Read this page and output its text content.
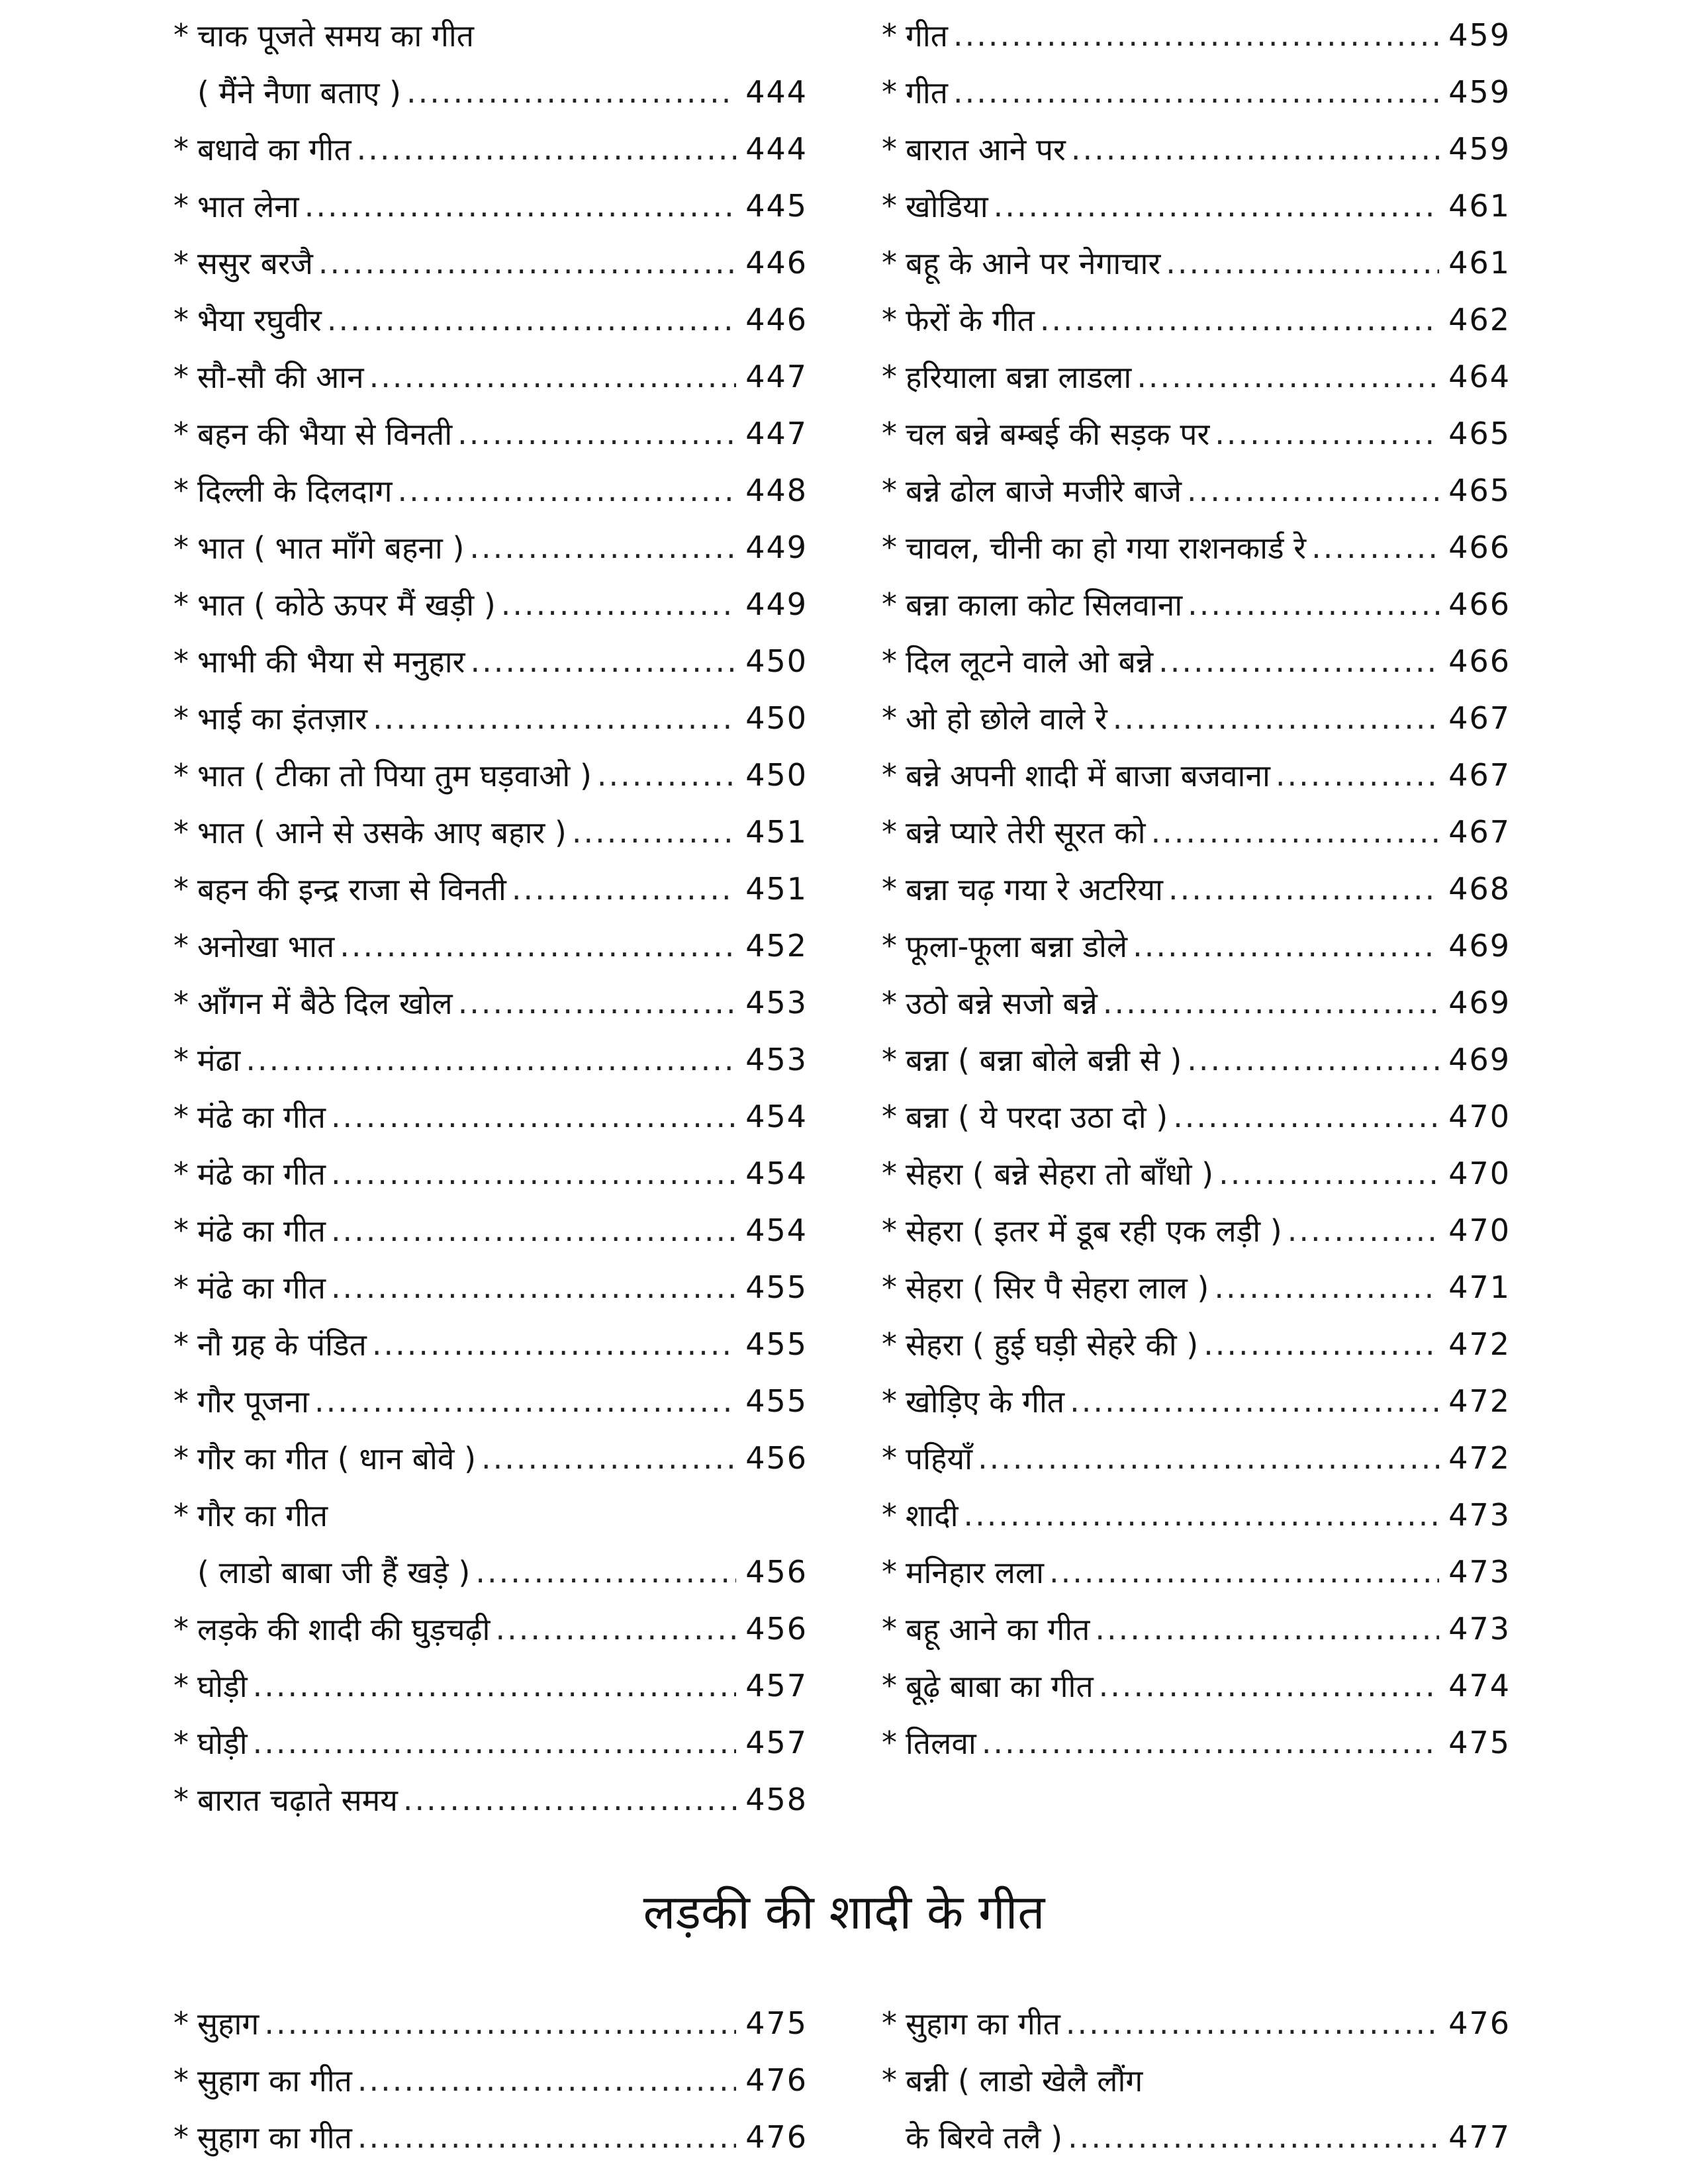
* चाक पूजते समय का गीत
( मैंने नैणा बताए ) .....	444
* बधावे का गीत .....	444
* भात लेना .....	445
* ससुर बरजै .....	446
* भैया रघुवीर .....	446
* सौ-सौ की आन .....	447
* बहन की भैया से विनती .....	447
* दिल्ली के दिलदाग .....	448
* भात ( भात माँगे बहना ) .....	449
* भात ( कोठे ऊपर मैं खड़ी ) .....	449
* भाभी की भैया से मनुहार .....	450
* भाई का इंतज़ार .....	450
* भात ( टीका तो पिया तुम घड़वाओ ) .....	450
* भात ( आने से उसके आए बहार ) .....	451
* बहन की इन्द्र राजा से विनती .....	451
* अनोखा भात .....	452
* आँगन में बैठे दिल खोल .....	453
* मंढा .....	453
* मंढे का गीत .....	454
* मंढे का गीत .....	454
* मंढे का गीत .....	454
* मंढे का गीत .....	455
* नौ ग्रह के पंडित .....	455
* गौर पूजना .....	455
* गौर का गीत ( धान बोवे ) .....	456
* गौर का गीत
( लाडो बाबा जी हैं खड़े ) .....	456
* लड़के की शादी की घुड़चढ़ी .....	456
* घोड़ी .....	457
* घोड़ी .....	457
* बारात चढ़ाते समय .....	458
* गीत .....	459
* गीत .....	459
* बारात आने पर .....	459
* खोडिया .....	461
* बहू के आने पर नेगाचार .....	461
* फेरों के गीत .....	462
* हरियाला बन्ना लाडला .....	464
* चल बन्ने बम्बई की सड़क पर .....	465
* बन्ने ढोल बाजे मजीरे बाजे .....	465
* चावल, चीनी का हो गया राशनकार्ड रे .....	466
* बन्ना काला कोट सिलवाना .....	466
* दिल लूटने वाले ओ बन्ने .....	466
* ओ हो छोले वाले रे .....	467
* बन्ने अपनी शादी में बाजा बजवाना .....	467
* बन्ने प्यारे तेरी सूरत को .....	467
* बन्ना चढ़ गया रे अटरिया .....	468
* फूला-फूला बन्ना डोले .....	469
* उठो बन्ने सजो बन्ने .....	469
* बन्ना ( बन्ना बोले बन्नी से ) .....	469
* बन्ना ( ये परदा उठा दो ) .....	470
* सेहरा ( बन्ने सेहरा तो बाँधो ) .....	470
* सेहरा ( इतर में डूब रही एक लड़ी ) .....	470
* सेहरा ( सिर पै सेहरा लाल ) .....	471
* सेहरा ( हुई घड़ी सेहरे की ) .....	472
* खोड़िए के गीत .....	472
* पहियाँ .....	472
* शादी .....	473
* मनिहार लला .....	473
* बहू आने का गीत .....	473
* बूढ़े बाबा का गीत .....	474
* तिलवा .....	475
लड़की की शादी के गीत
* सुहाग .....	475
* सुहाग का गीत .....	476
* सुहाग का गीत .....	476
* सुहाग का गीत .....	476
* बन्नी ( लाडो खेलै लौंग
के बिरवे तलै ) .....	477
